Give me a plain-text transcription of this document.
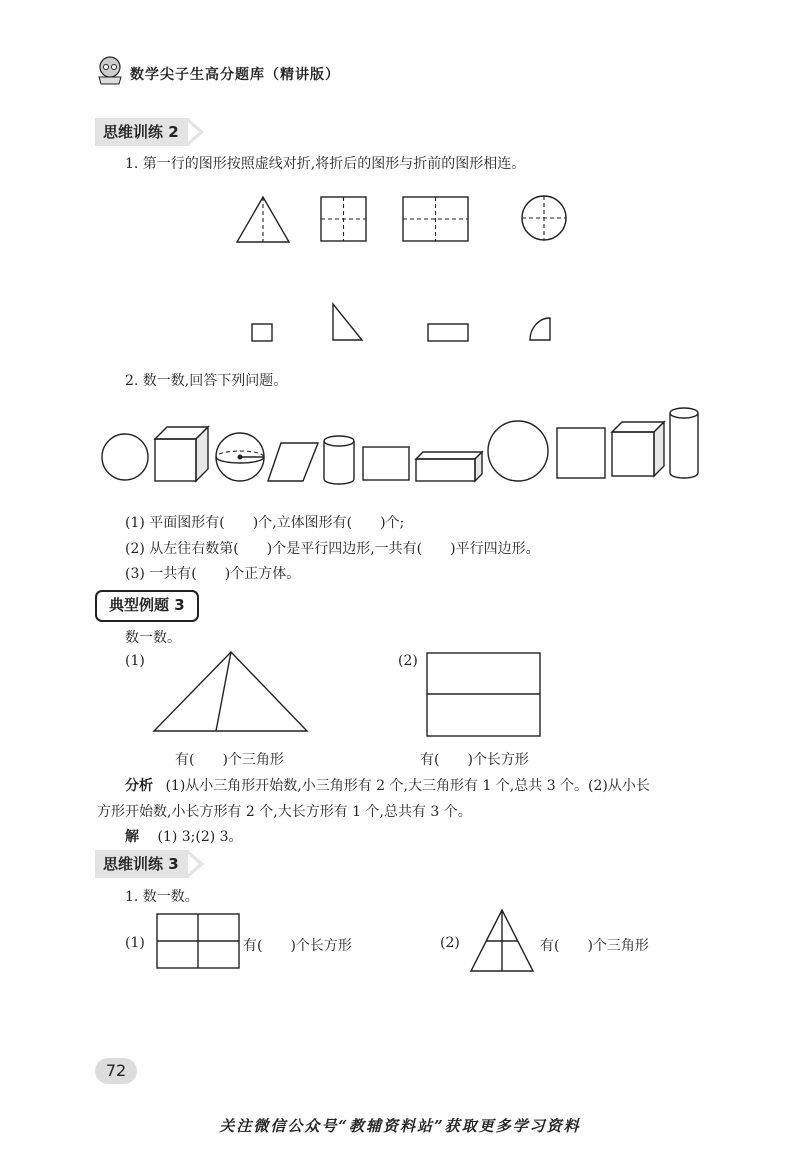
数学尖子生高分题库（精讲版）
思维训练 2
1. 第一行的图形按照虚线对折,将折后的图形与折前的图形相连。
2. 数一数,回答下列问题。
(1) 平面图形有(　　)个,立体图形有(　　)个;
(2) 从左往右数第(　　)个是平行四边形,一共有(　　)平行四边形。
(3) 一共有(　　)个正方体。
典型例题 3
数一数。
(1)	(2)
有(　　)个三角形	有(　　)个长方形
分析 (1)从小三角形开始数,小三角形有 2 个,大三角形有 1 个,总共 3 个。(2)从小长
方形开始数,小长方形有 2 个,大长方形有 1 个,总共有 3 个。
解 (1) 3;(2) 3。
思维训练 3
1. 数一数。
(1)	有(　　)个长方形	(2)	有(　　)个三角形
72
关注微信公众号“教辅资料站”获取更多学习资料
